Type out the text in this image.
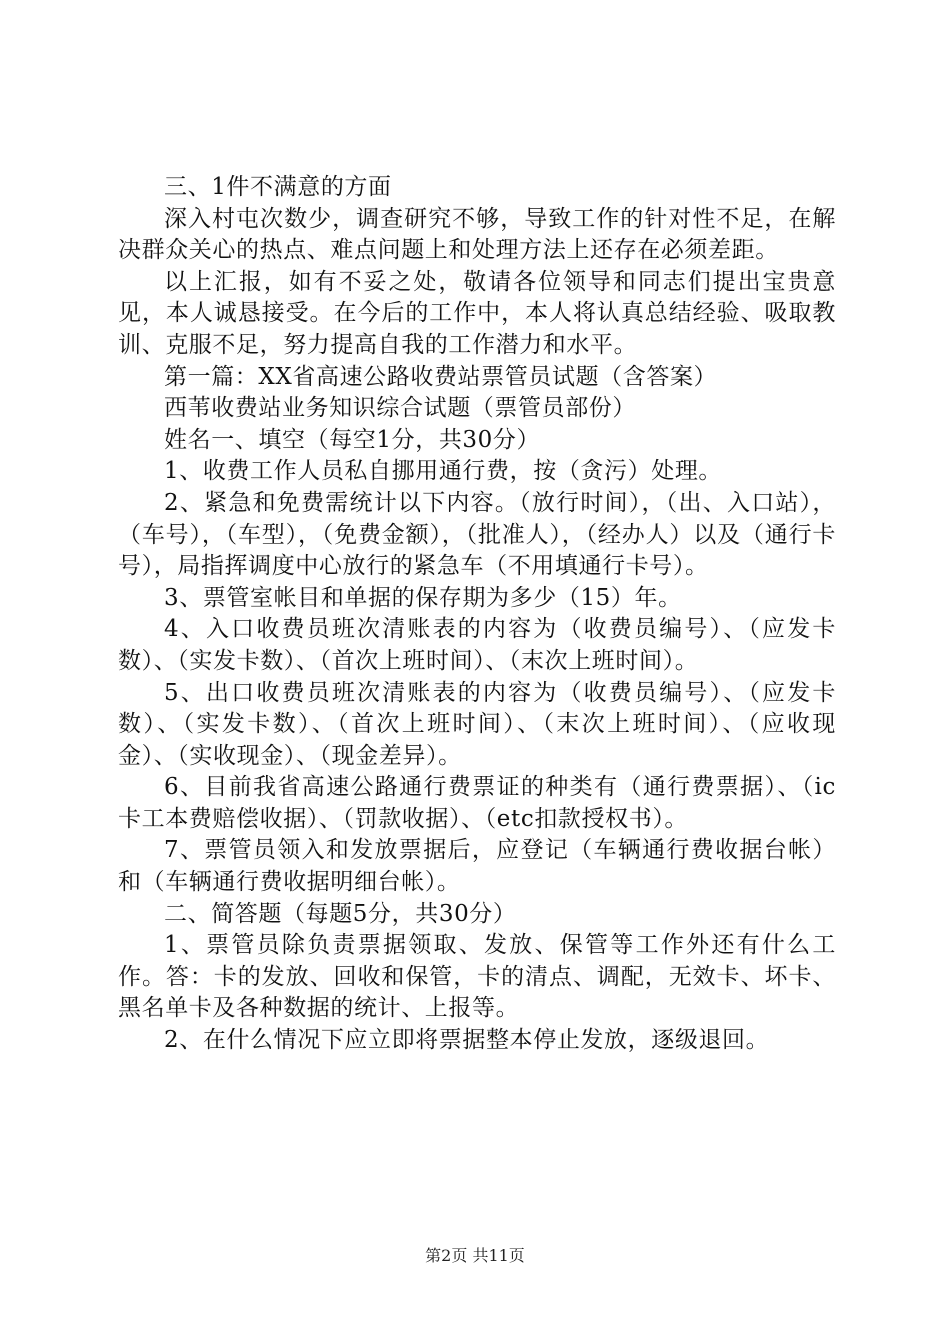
三、1件不满意的方面

深入村屯次数少，调查研究不够，导致工作的针对性不足，在解决群众关心的热点、难点问题上和处理方法上还存在必须差距。

以上汇报，如有不妥之处，敬请各位领导和同志们提出宝贵意见，本人诚恳接受。在今后的工作中，本人将认真总结经验、吸取教训、克服不足，努力提高自我的工作潜力和水平。

第一篇：XX省高速公路收费站票管员试题（含答案）

西苇收费站业务知识综合试题（票管员部份）

姓名一、填空（每空1分，共30分）

1、收费工作人员私自挪用通行费，按（贪污）处理。

2、紧急和免费需统计以下内容。（放行时间），（出、入口站），（车号），（车型），（免费金额），（批准人），（经办人）以及（通行卡号），局指挥调度中心放行的紧急车（不用填通行卡号）。

3、票管室帐目和单据的保存期为多少（15）年。

4、入口收费员班次清账表的内容为（收费员编号）、（应发卡数）、（实发卡数）、（首次上班时间）、（末次上班时间）。

5、出口收费员班次清账表的内容为（收费员编号）、（应发卡数）、（实发卡数）、（首次上班时间）、（末次上班时间）、（应收现金）、（实收现金）、（现金差异）。

6、目前我省高速公路通行费票证的种类有（通行费票据）、（ic卡工本费赔偿收据）、（罚款收据）、（etc扣款授权书）。

7、票管员领入和发放票据后，应登记（车辆通行费收据台帐）和（车辆通行费收据明细台帐）。

二、简答题（每题5分，共30分）

1、票管员除负责票据领取、发放、保管等工作外还有什么工作。答：卡的发放、回收和保管，卡的清点、调配，无效卡、坏卡、黑名单卡及各种数据的统计、上报等。

2、在什么情况下应立即将票据整本停止发放，逐级退回。

第2页 共11页
